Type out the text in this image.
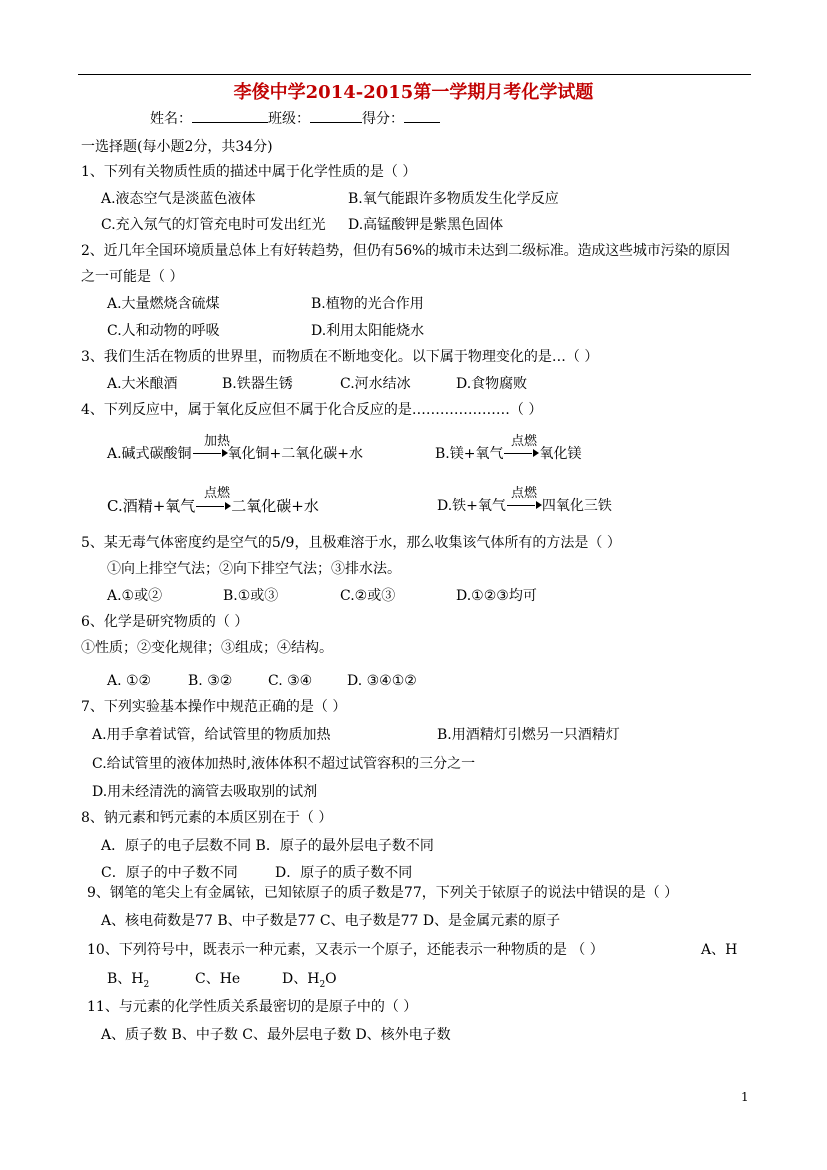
李俊中学2014-2015第一学期月考化学试题
姓名：	班级：	得分：
一选择题(每小题2分，共34分)
1、下列有关物质性质的描述中属于化学性质的是（ ）
A.液态空气是淡蓝色液体	B.氧气能跟许多物质发生化学反应
C.充入氖气的灯管充电时可发出红光 D.高锰酸钾是紫黑色固体
2、近几年全国环境质量总体上有好转趋势，但仍有56%的城市未达到二级标准。造成这些城市污染的原因
之一可能是（ ）
A.大量燃烧含硫煤	B.植物的光合作用
C.人和动物的呼吸	D.利用太阳能烧水
3、我们生活在物质的世界里，而物质在不断地变化。以下属于物理变化的是…（ ）
A.大米酿酒	B.铁器生锈	C.河水结冰	D.食物腐败
4、下列反应中，属于氧化反应但不属于化合反应的是…………………（ ）
加热
A.碱式碳酸铜	氧化铜+二氧化碳+水
点燃
B.镁+氧气	氧化镁
点燃
C.酒精+氧气 二氧化碳+水
点燃
D.铁+氧气	四氧化三铁
5、某无毒气体密度约是空气的5/9，且极难溶于水，那么收集该气体所有的方法是（ ）
①向上排空气法；②向下排空气法；③排水法。
A.①或②	B.①或③	C.②或③	D.①②③均可
6、化学是研究物质的（ ）
①性质；②变化规律；③组成；④结构。
A. ①②	B. ③②	C. ③④ D. ③④①②
7、下列实验基本操作中规范正确的是（ ）
A.用手拿着试管，给试管里的物质加热	B.用酒精灯引燃另一只酒精灯
C.给试管里的液体加热时,液体体积不超过试管容积的三分之一
D.用未经清洗的滴管去吸取别的试剂
8、钠元素和钙元素的本质区别在于（ ）
A．原子的电子层数不同 B．原子的最外层电子数不同
C．原子的中子数不同	D．原子的质子数不同
9、钢笔的笔尖上有金属铱，已知铱原子的质子数是77，下列关于铱原子的说法中错误的是（ ）
A、核电荷数是77 B、中子数是77 C、电子数是77 D、是金属元素的原子
10、下列符号中，既表示一种元素，又表示一个原子，还能表示一种物质的是 （ ）	A、H
B、$H_2$	C、He	D、$H_2O$
11、与元素的化学性质关系最密切的是原子中的（ ）
A、质子数 B、中子数 C、最外层电子数 D、核外电子数
1
